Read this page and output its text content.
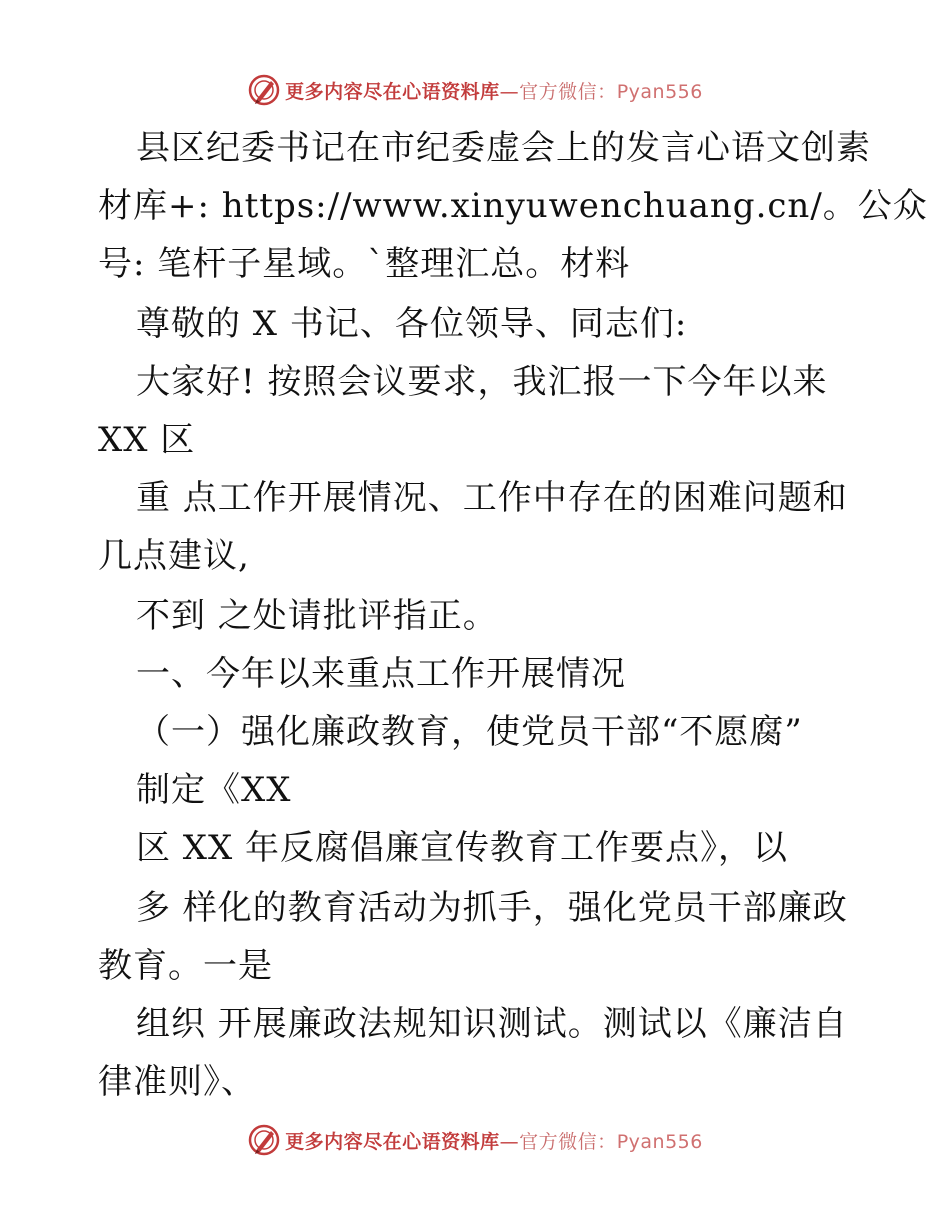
更多内容尽在心语资料库—官方微信：Pyan556
县区纪委书记在市纪委虚会上的发言心语文创素
材库+: https://www.xinyuwenchuang.cn/。公众
号: 笔杆子星域。`整理汇总。材料
尊敬的 X 书记、各位领导、同志们:
大家好! 按照会议要求，我汇报一下今年以来
XX 区
重 点工作开展情况、工作中存在的困难问题和
几点建议,
不到 之处请批评指正。
一、今年以来重点工作开展情况
（一）强化廉政教育，使党员干部“不愿腐”
制定《XX
区 XX 年反腐倡廉宣传教育工作要点》，以
多 样化的教育活动为抓手，强化党员干部廉政
教育。一是
组织 开展廉政法规知识测试。测试以《廉洁自
律准则》、
更多内容尽在心语资料库—官方微信：Pyan556
